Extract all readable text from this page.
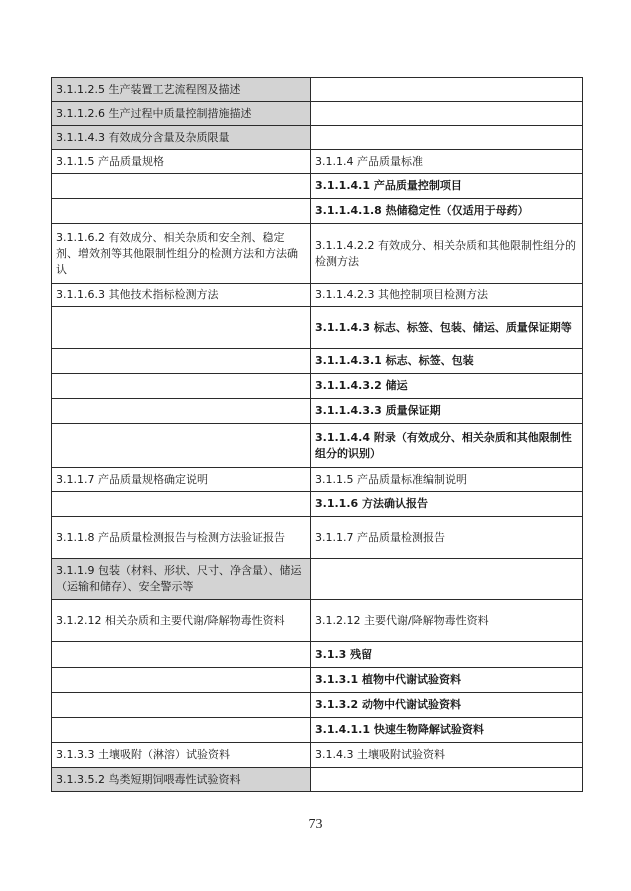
3.1.1.2.5 生产装置工艺流程图及描述	
3.1.1.2.6 生产过程中质量控制措施描述	
3.1.1.4.3 有效成分含量及杂质限量	
3.1.1.5 产品质量规格	3.1.1.4 产品质量标准
	3.1.1.4.1 产品质量控制项目
	3.1.1.4.1.8 热储稳定性（仅适用于母药）
3.1.1.6.2 有效成分、相关杂质和安全剂、稳定剂、增效剂等其他限制性组分的检测方法和方法确认	3.1.1.4.2.2 有效成分、相关杂质和其他限制性组分的检测方法
3.1.1.6.3 其他技术指标检测方法	3.1.1.4.2.3 其他控制项目检测方法
	3.1.1.4.3 标志、标签、包装、储运、质量保证期等
	3.1.1.4.3.1 标志、标签、包装
	3.1.1.4.3.2 储运
	3.1.1.4.3.3 质量保证期
	3.1.1.4.4 附录（有效成分、相关杂质和其他限制性组分的识别）
3.1.1.7 产品质量规格确定说明	3.1.1.5 产品质量标准编制说明
	3.1.1.6 方法确认报告
3.1.1.8 产品质量检测报告与检测方法验证报告	3.1.1.7 产品质量检测报告
3.1.1.9 包装（材料、形状、尺寸、净含量）、储运（运输和储存）、安全警示等	
3.1.2.12 相关杂质和主要代谢/降解物毒性资料	3.1.2.12 主要代谢/降解物毒性资料
	3.1.3 残留
	3.1.3.1 植物中代谢试验资料
	3.1.3.2 动物中代谢试验资料
	3.1.4.1.1 快速生物降解试验资料
3.1.3.3 土壤吸附（淋溶）试验资料	3.1.4.3 土壤吸附试验资料
3.1.3.5.2 鸟类短期饲喂毒性试验资料	
73
